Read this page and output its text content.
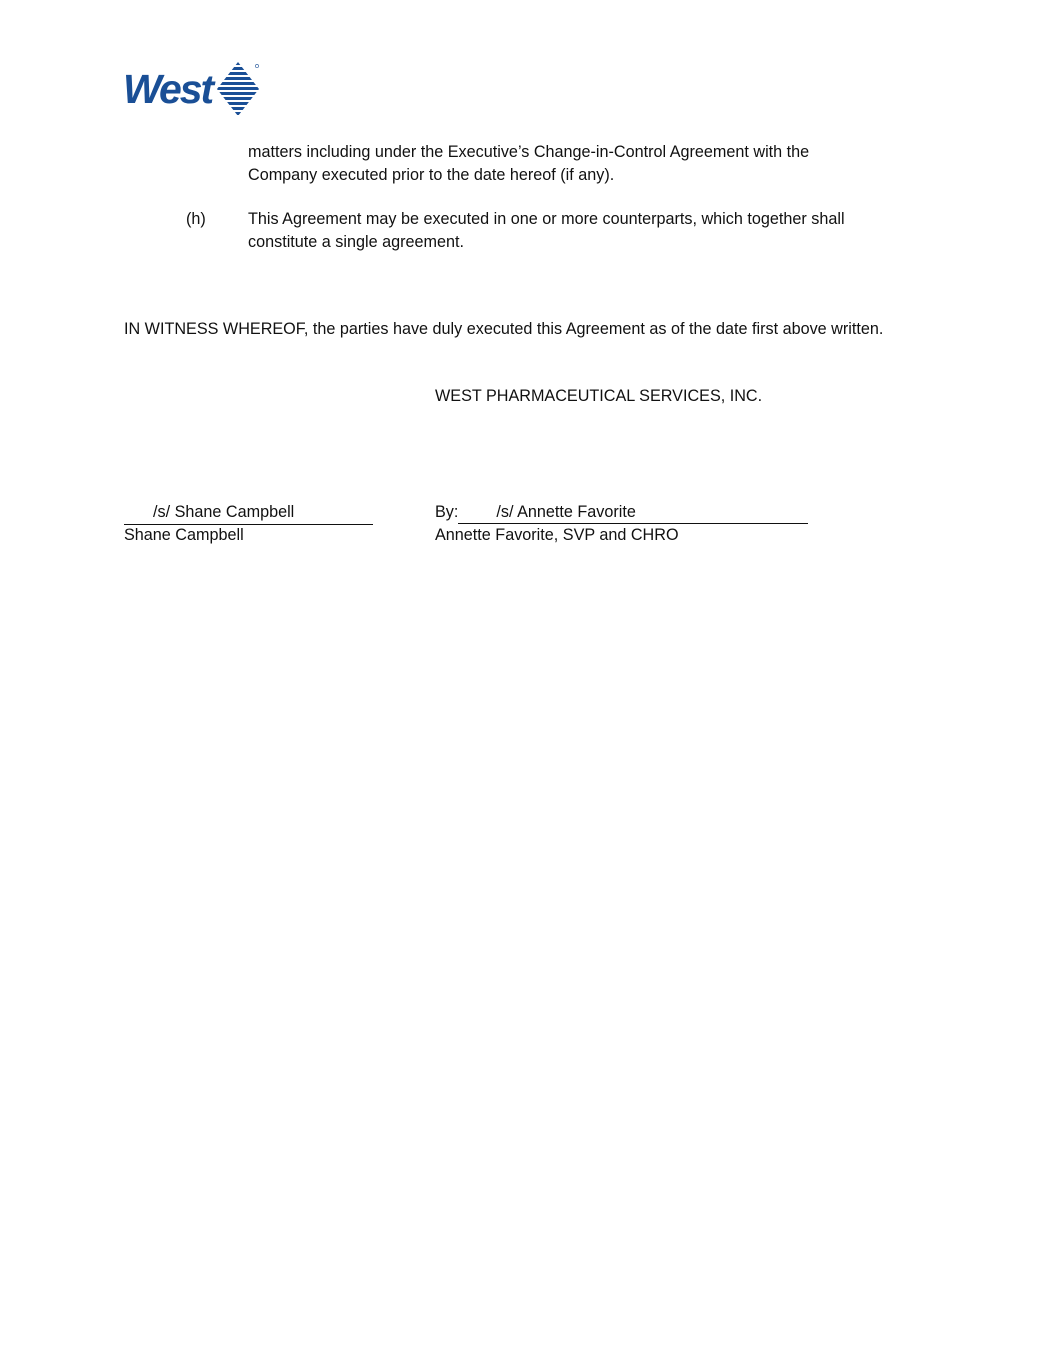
West
matters including under the Executive’s Change-in-Control Agreement with the
Company executed prior to the date hereof (if any).
(h)	This Agreement may be executed in one or more counterparts, which together shall
constitute a single agreement.
IN WITNESS WHEREOF, the parties have duly executed this Agreement as of the date first above written.
WEST PHARMACEUTICAL SERVICES, INC.
/s/ Shane Campbell
Shane Campbell
By: /s/ Annette Favorite
Annette Favorite, SVP and CHRO
